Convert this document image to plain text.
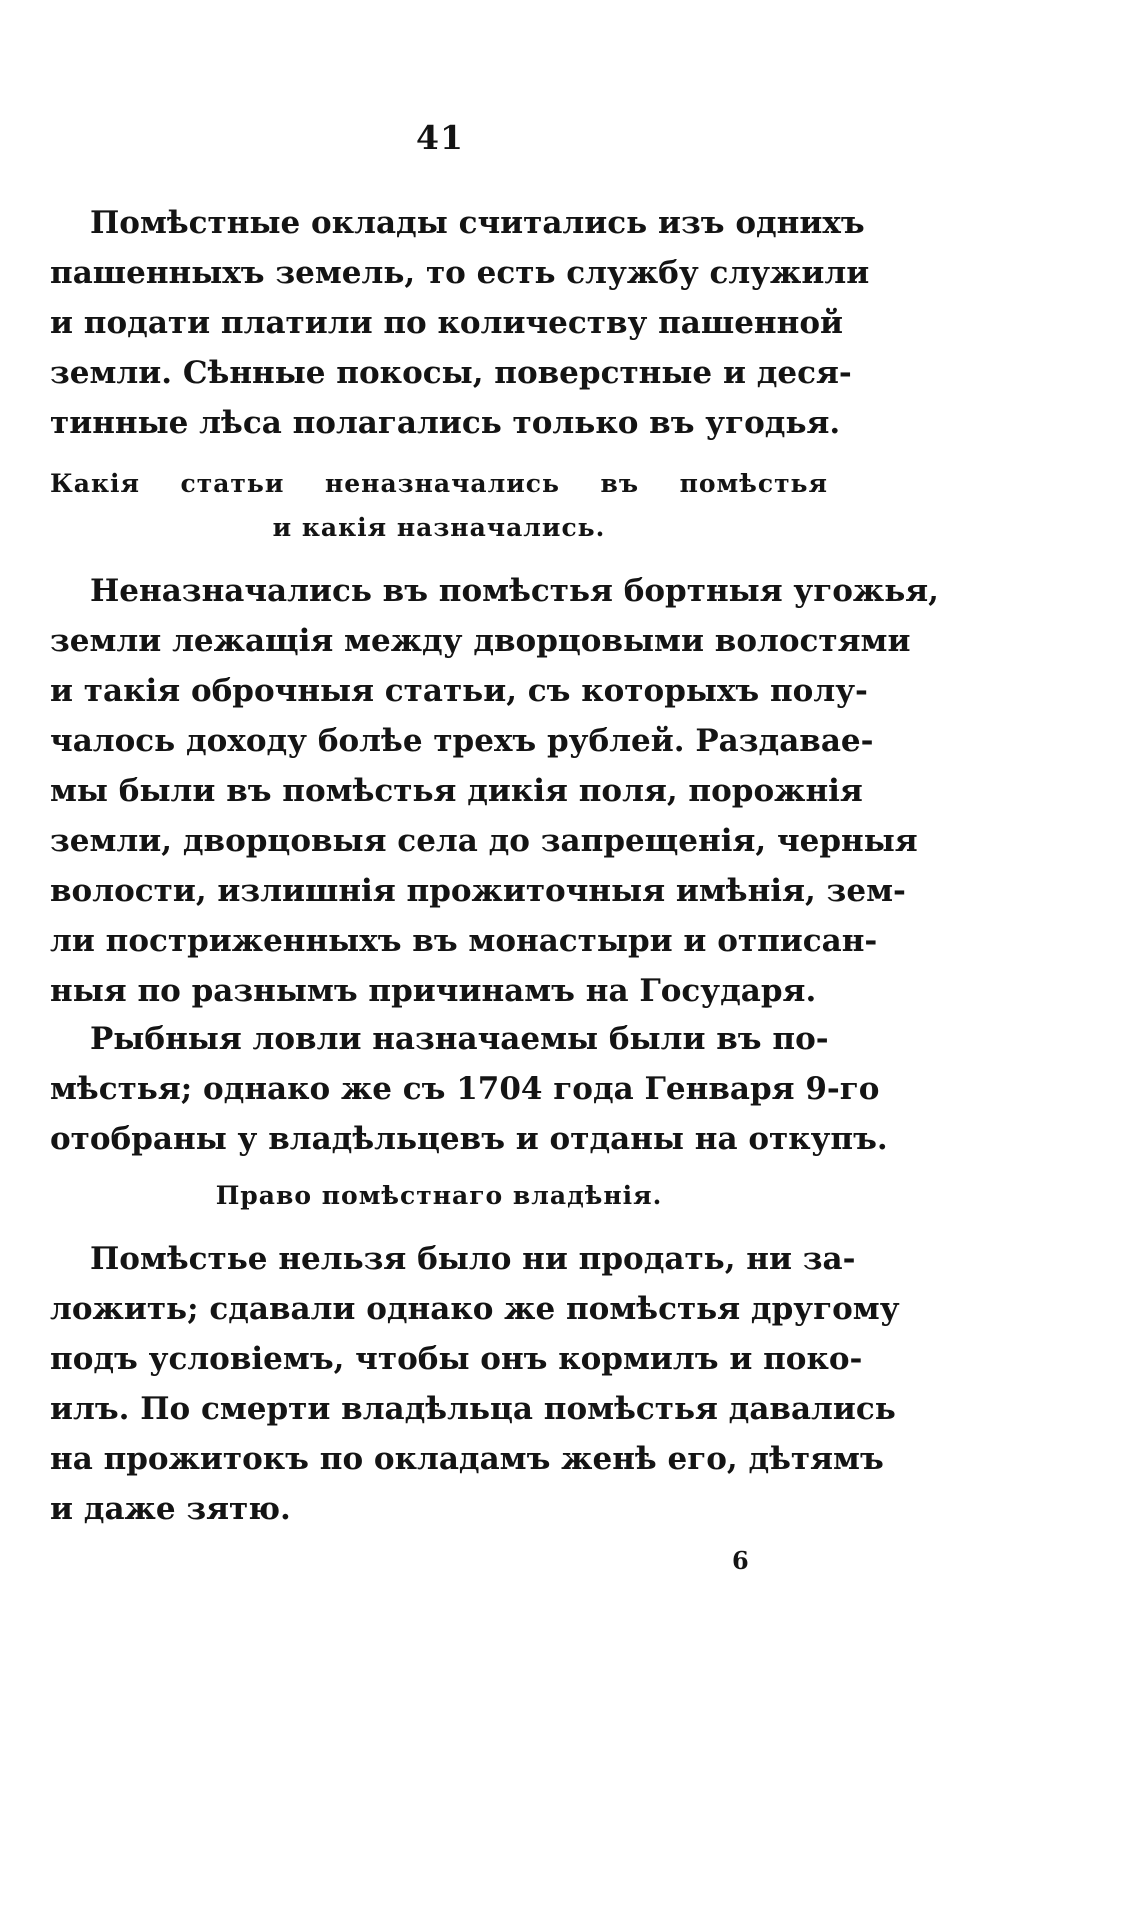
41
Помѣстные оклады считались изъ однихъ
пашенныхъ земель, то есть службу служили
и подати платили по количеству пашенной
земли. Сѣнные покосы, поверстные и деся-
тинные лѣса полагались только въ угодья.
Какія статьи неназначались въ помѣстья
и какія назначались.
Неназначались въ помѣстья бортныя угожья,
земли лежащія между дворцовыми волостями
и такія оброчныя статьи, съ которыхъ полу-
чалось доходу болѣе трехъ рублей. Раздавае-
мы были въ помѣстья дикія поля, порожнія
земли, дворцовыя села до запрещенія, черныя
волости, излишнія прожиточныя имѣнія, зем-
ли постриженныхъ въ монастыри и отписан-
ныя по разнымъ причинамъ на Государя.
Рыбныя ловли назначаемы были въ по-
мѣстья; однако же съ 1704 года Генваря 9-го
отобраны у владѣльцевъ и отданы на откупъ.
Право помѣстнаго владѣнія.
Помѣстье нельзя было ни продать, ни за-
ложить; сдавали однако же помѣстья другому
подъ условіемъ, чтобы онъ кормилъ и поко-
илъ. По смерти владѣльца помѣстья давались
на прожитокъ по окладамъ женѣ его, дѣтямъ
и даже зятю.
6
